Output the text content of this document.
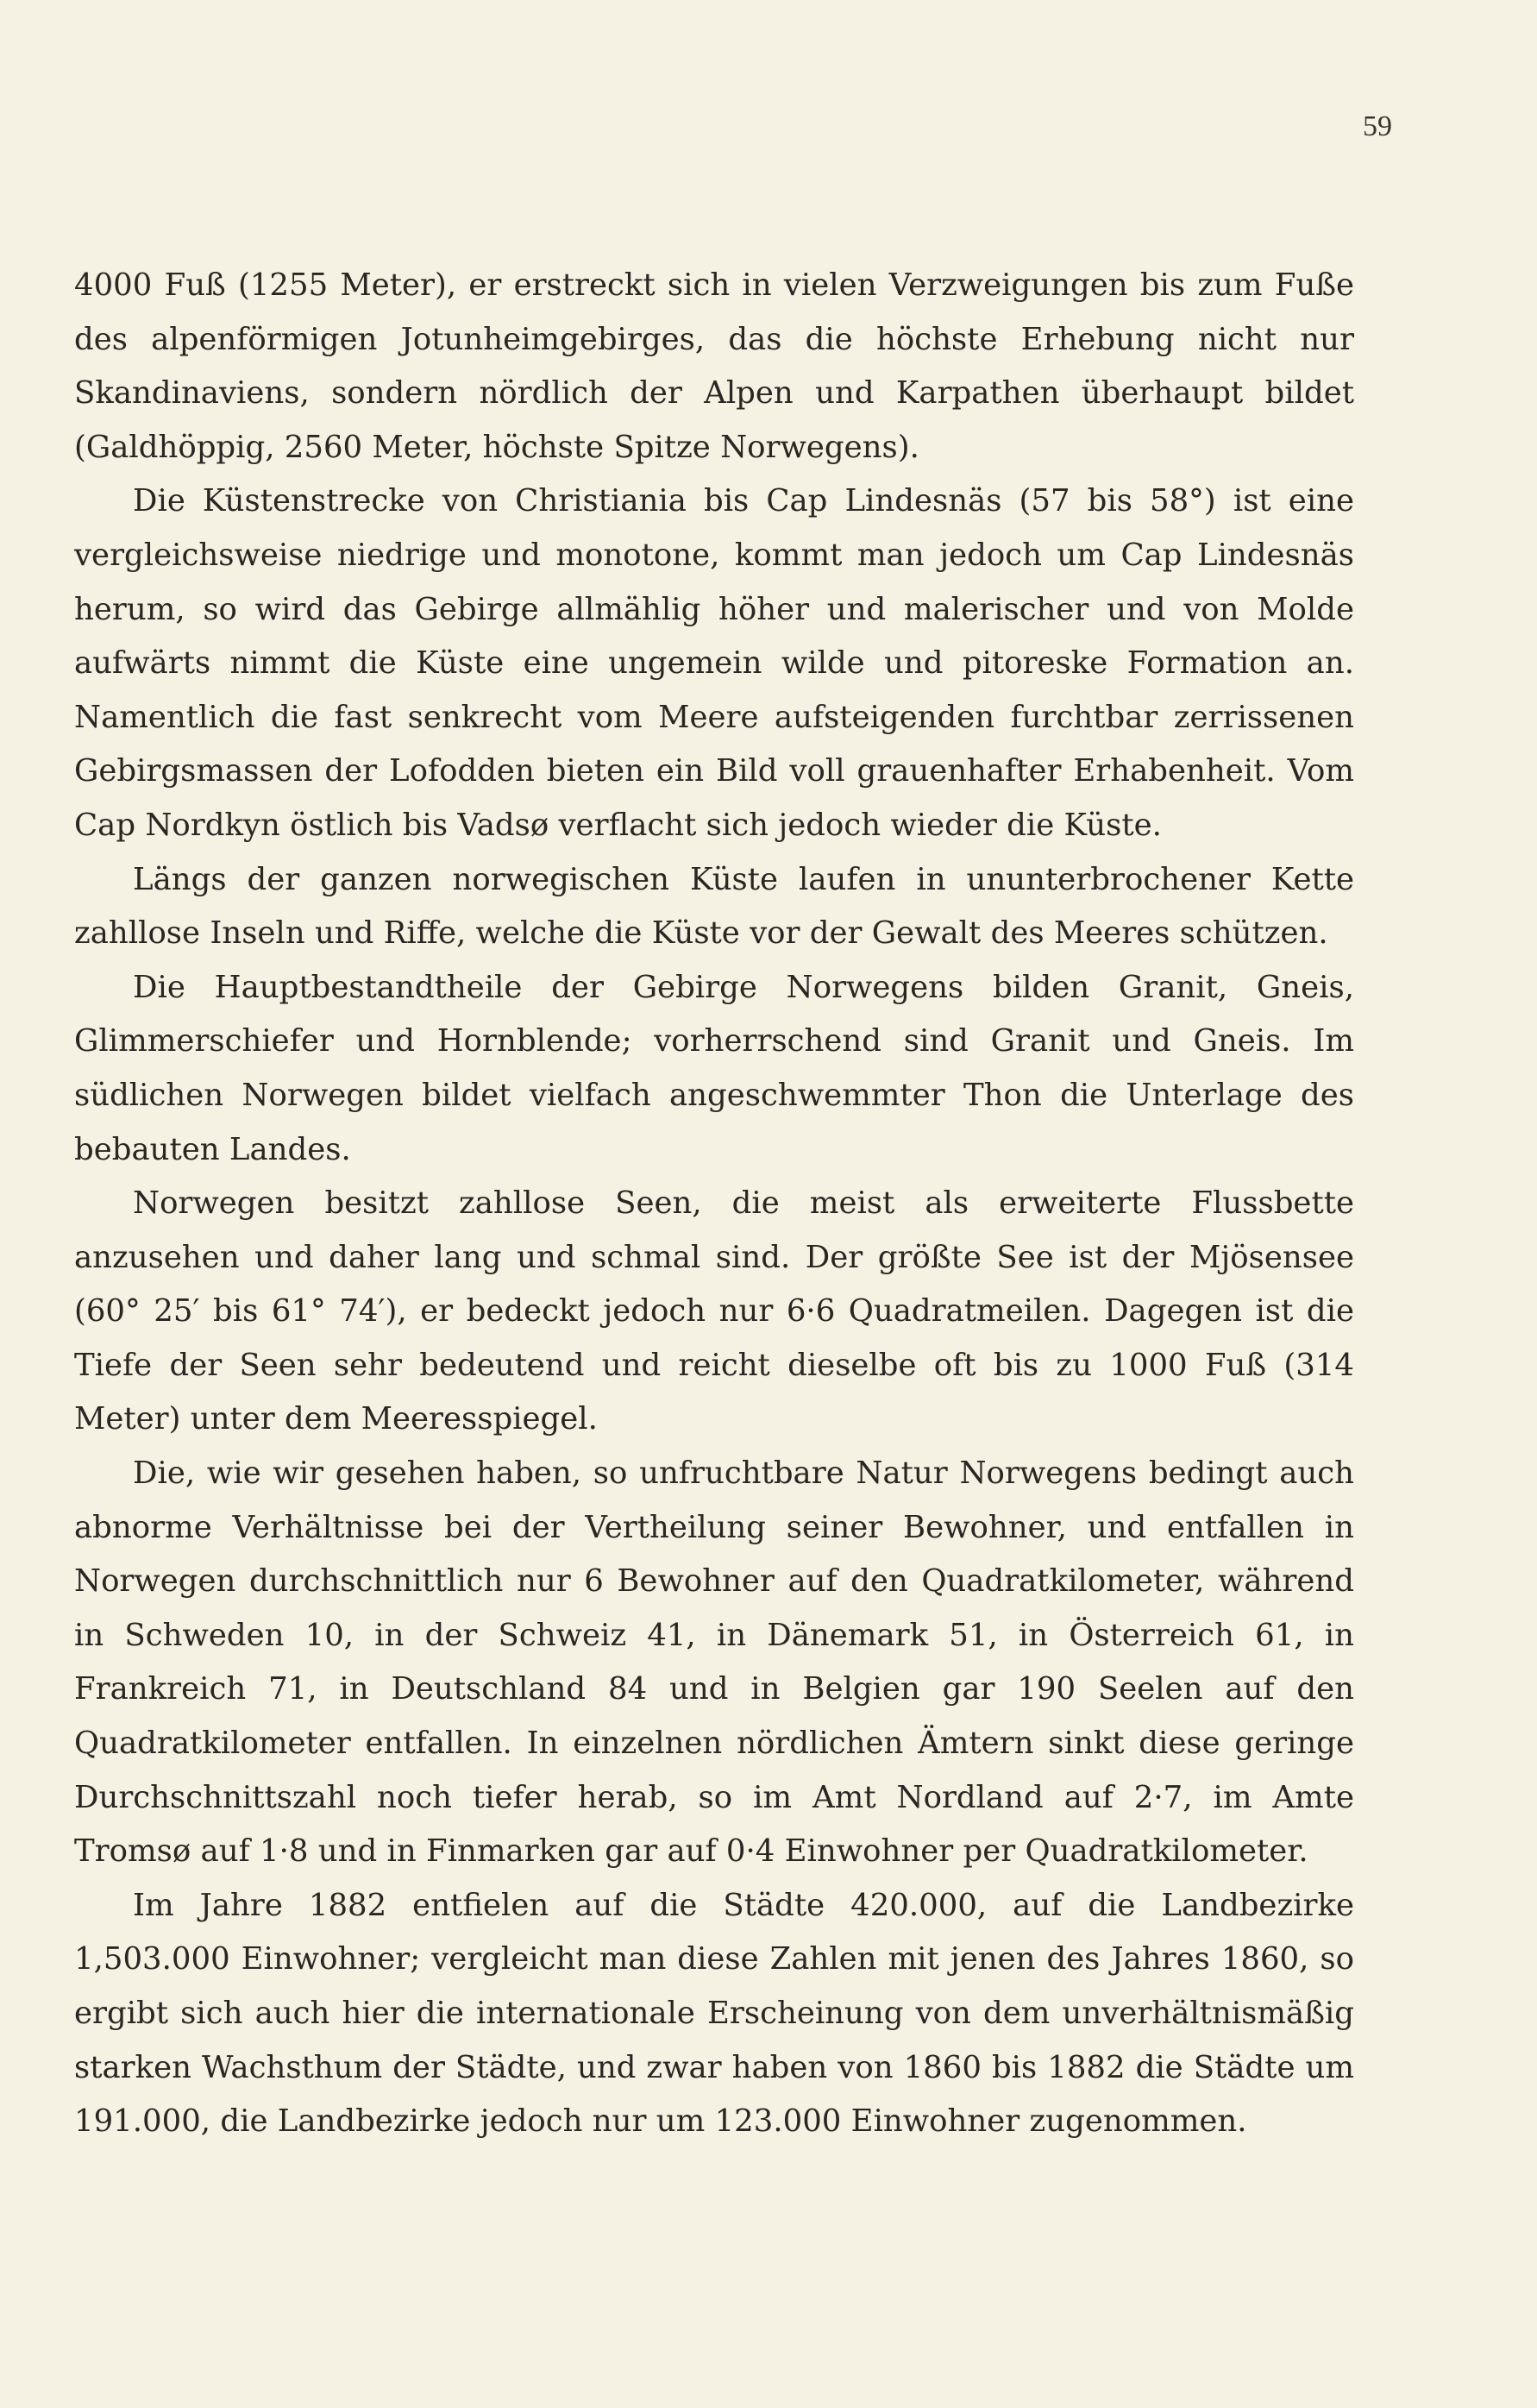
59

4000 Fuß (1255 Meter), er erstreckt sich in vielen Verzweigungen bis zum Fuße des alpenförmigen Jotunheimgebirges, das die höchste Erhebung nicht nur Skandinaviens, sondern nördlich der Alpen und Karpathen überhaupt bildet (Galdhöppig, 2560 Meter, höchste Spitze Norwegens).

Die Küstenstrecke von Christiania bis Cap Lindesnäs (57 bis 58°) ist eine vergleichsweise niedrige und monotone, kommt man jedoch um Cap Lindesnäs herum, so wird das Gebirge allmählig höher und malerischer und von Molde aufwärts nimmt die Küste eine ungemein wilde und pitoreske Formation an. Namentlich die fast senkrecht vom Meere aufsteigenden furchtbar zerrissenen Gebirgsmassen der Lofodden bieten ein Bild voll grauenhafter Erhabenheit. Vom Cap Nordkyn östlich bis Vadsø verflacht sich jedoch wieder die Küste.

Längs der ganzen norwegischen Küste laufen in ununterbrochener Kette zahllose Inseln und Riffe, welche die Küste vor der Gewalt des Meeres schützen.

Die Hauptbestandtheile der Gebirge Norwegens bilden Granit, Gneis, Glimmerschiefer und Hornblende; vorherrschend sind Granit und Gneis. Im südlichen Norwegen bildet vielfach angeschwemmter Thon die Unterlage des bebauten Landes.

Norwegen besitzt zahllose Seen, die meist als erweiterte Flussbette anzusehen und daher lang und schmal sind. Der größte See ist der Mjösensee (60° 25′ bis 61° 74′), er bedeckt jedoch nur 6·6 Quadratmeilen. Dagegen ist die Tiefe der Seen sehr bedeutend und reicht dieselbe oft bis zu 1000 Fuß (314 Meter) unter dem Meeresspiegel.

Die, wie wir gesehen haben, so unfruchtbare Natur Norwegens bedingt auch abnorme Verhältnisse bei der Vertheilung seiner Bewohner, und entfallen in Norwegen durchschnittlich nur 6 Bewohner auf den Quadratkilometer, während in Schweden 10, in der Schweiz 41, in Dänemark 51, in Österreich 61, in Frankreich 71, in Deutschland 84 und in Belgien gar 190 Seelen auf den Quadratkilometer entfallen. In einzelnen nördlichen Ämtern sinkt diese geringe Durchschnittszahl noch tiefer herab, so im Amt Nordland auf 2·7, im Amte Tromsø auf 1·8 und in Finmarken gar auf 0·4 Einwohner per Quadratkilometer.

Im Jahre 1882 entfielen auf die Städte 420.000, auf die Landbezirke 1,503.000 Einwohner; vergleicht man diese Zahlen mit jenen des Jahres 1860, so ergibt sich auch hier die internationale Erscheinung von dem unverhältnismäßig starken Wachsthum der Städte, und zwar haben von 1860 bis 1882 die Städte um 191.000, die Landbezirke jedoch nur um 123.000 Einwohner zugenommen.
